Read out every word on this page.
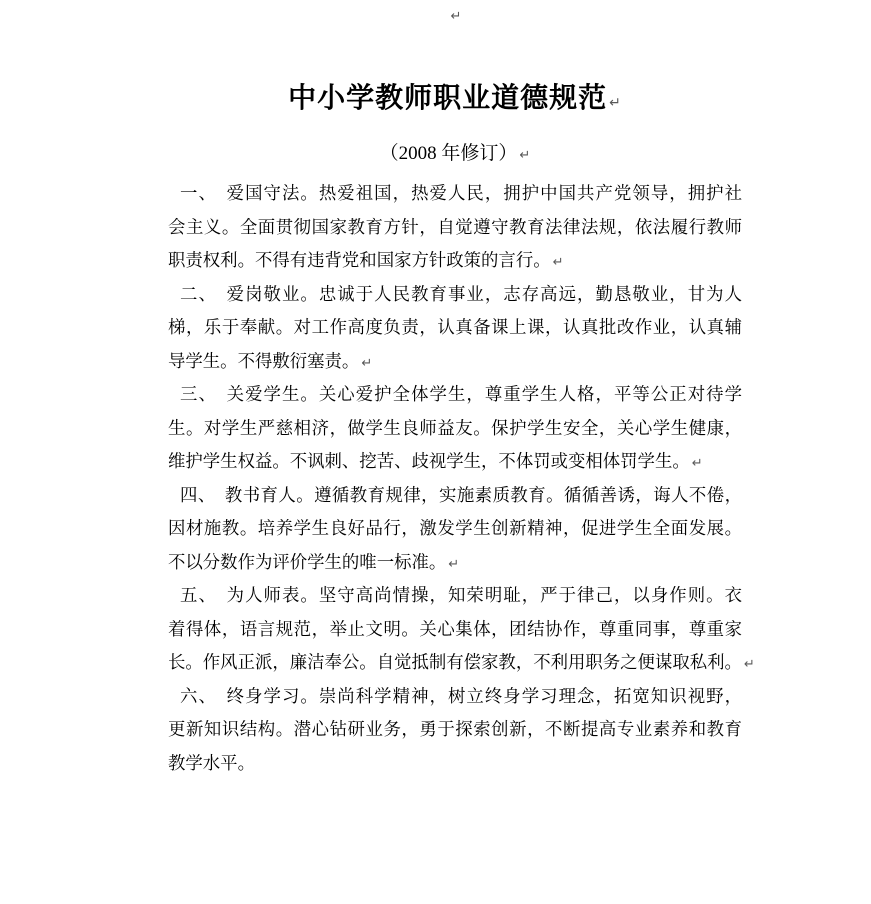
↵
中小学教师职业道德规范 ↵
（2008 年修订） ↵
一、　爱国守法。热爱祖国，热爱人民，拥护中国共产党领导，拥护社
会主义。全面贯彻国家教育方针，自觉遵守教育法律法规，依法履行教师
职责权利。不得有违背党和国家方针政策的言行。 ↵
二、　爱岗敬业。忠诚于人民教育事业，志存高远，勤恳敬业，甘为人
梯，乐于奉献。对工作高度负责，认真备课上课，认真批改作业，认真辅
导学生。不得敷衍塞责。 ↵
三、　关爱学生。关心爱护全体学生，尊重学生人格，平等公正对待学
生。对学生严慈相济，做学生良师益友。保护学生安全，关心学生健康，
维护学生权益。不讽刺、挖苦、歧视学生，不体罚或变相体罚学生。 ↵
四、　教书育人。遵循教育规律，实施素质教育。循循善诱，诲人不倦，
因材施教。培养学生良好品行，激发学生创新精神，促进学生全面发展。
不以分数作为评价学生的唯一标准。 ↵
五、　为人师表。坚守高尚情操，知荣明耻，严于律己，以身作则。衣
着得体，语言规范，举止文明。关心集体，团结协作，尊重同事，尊重家
长。作风正派，廉洁奉公。自觉抵制有偿家教，不利用职务之便谋取私利。 ↵
六、　终身学习。崇尚科学精神，树立终身学习理念，拓宽知识视野，
更新知识结构。潜心钻研业务，勇于探索创新，不断提高专业素养和教育
教学水平。
